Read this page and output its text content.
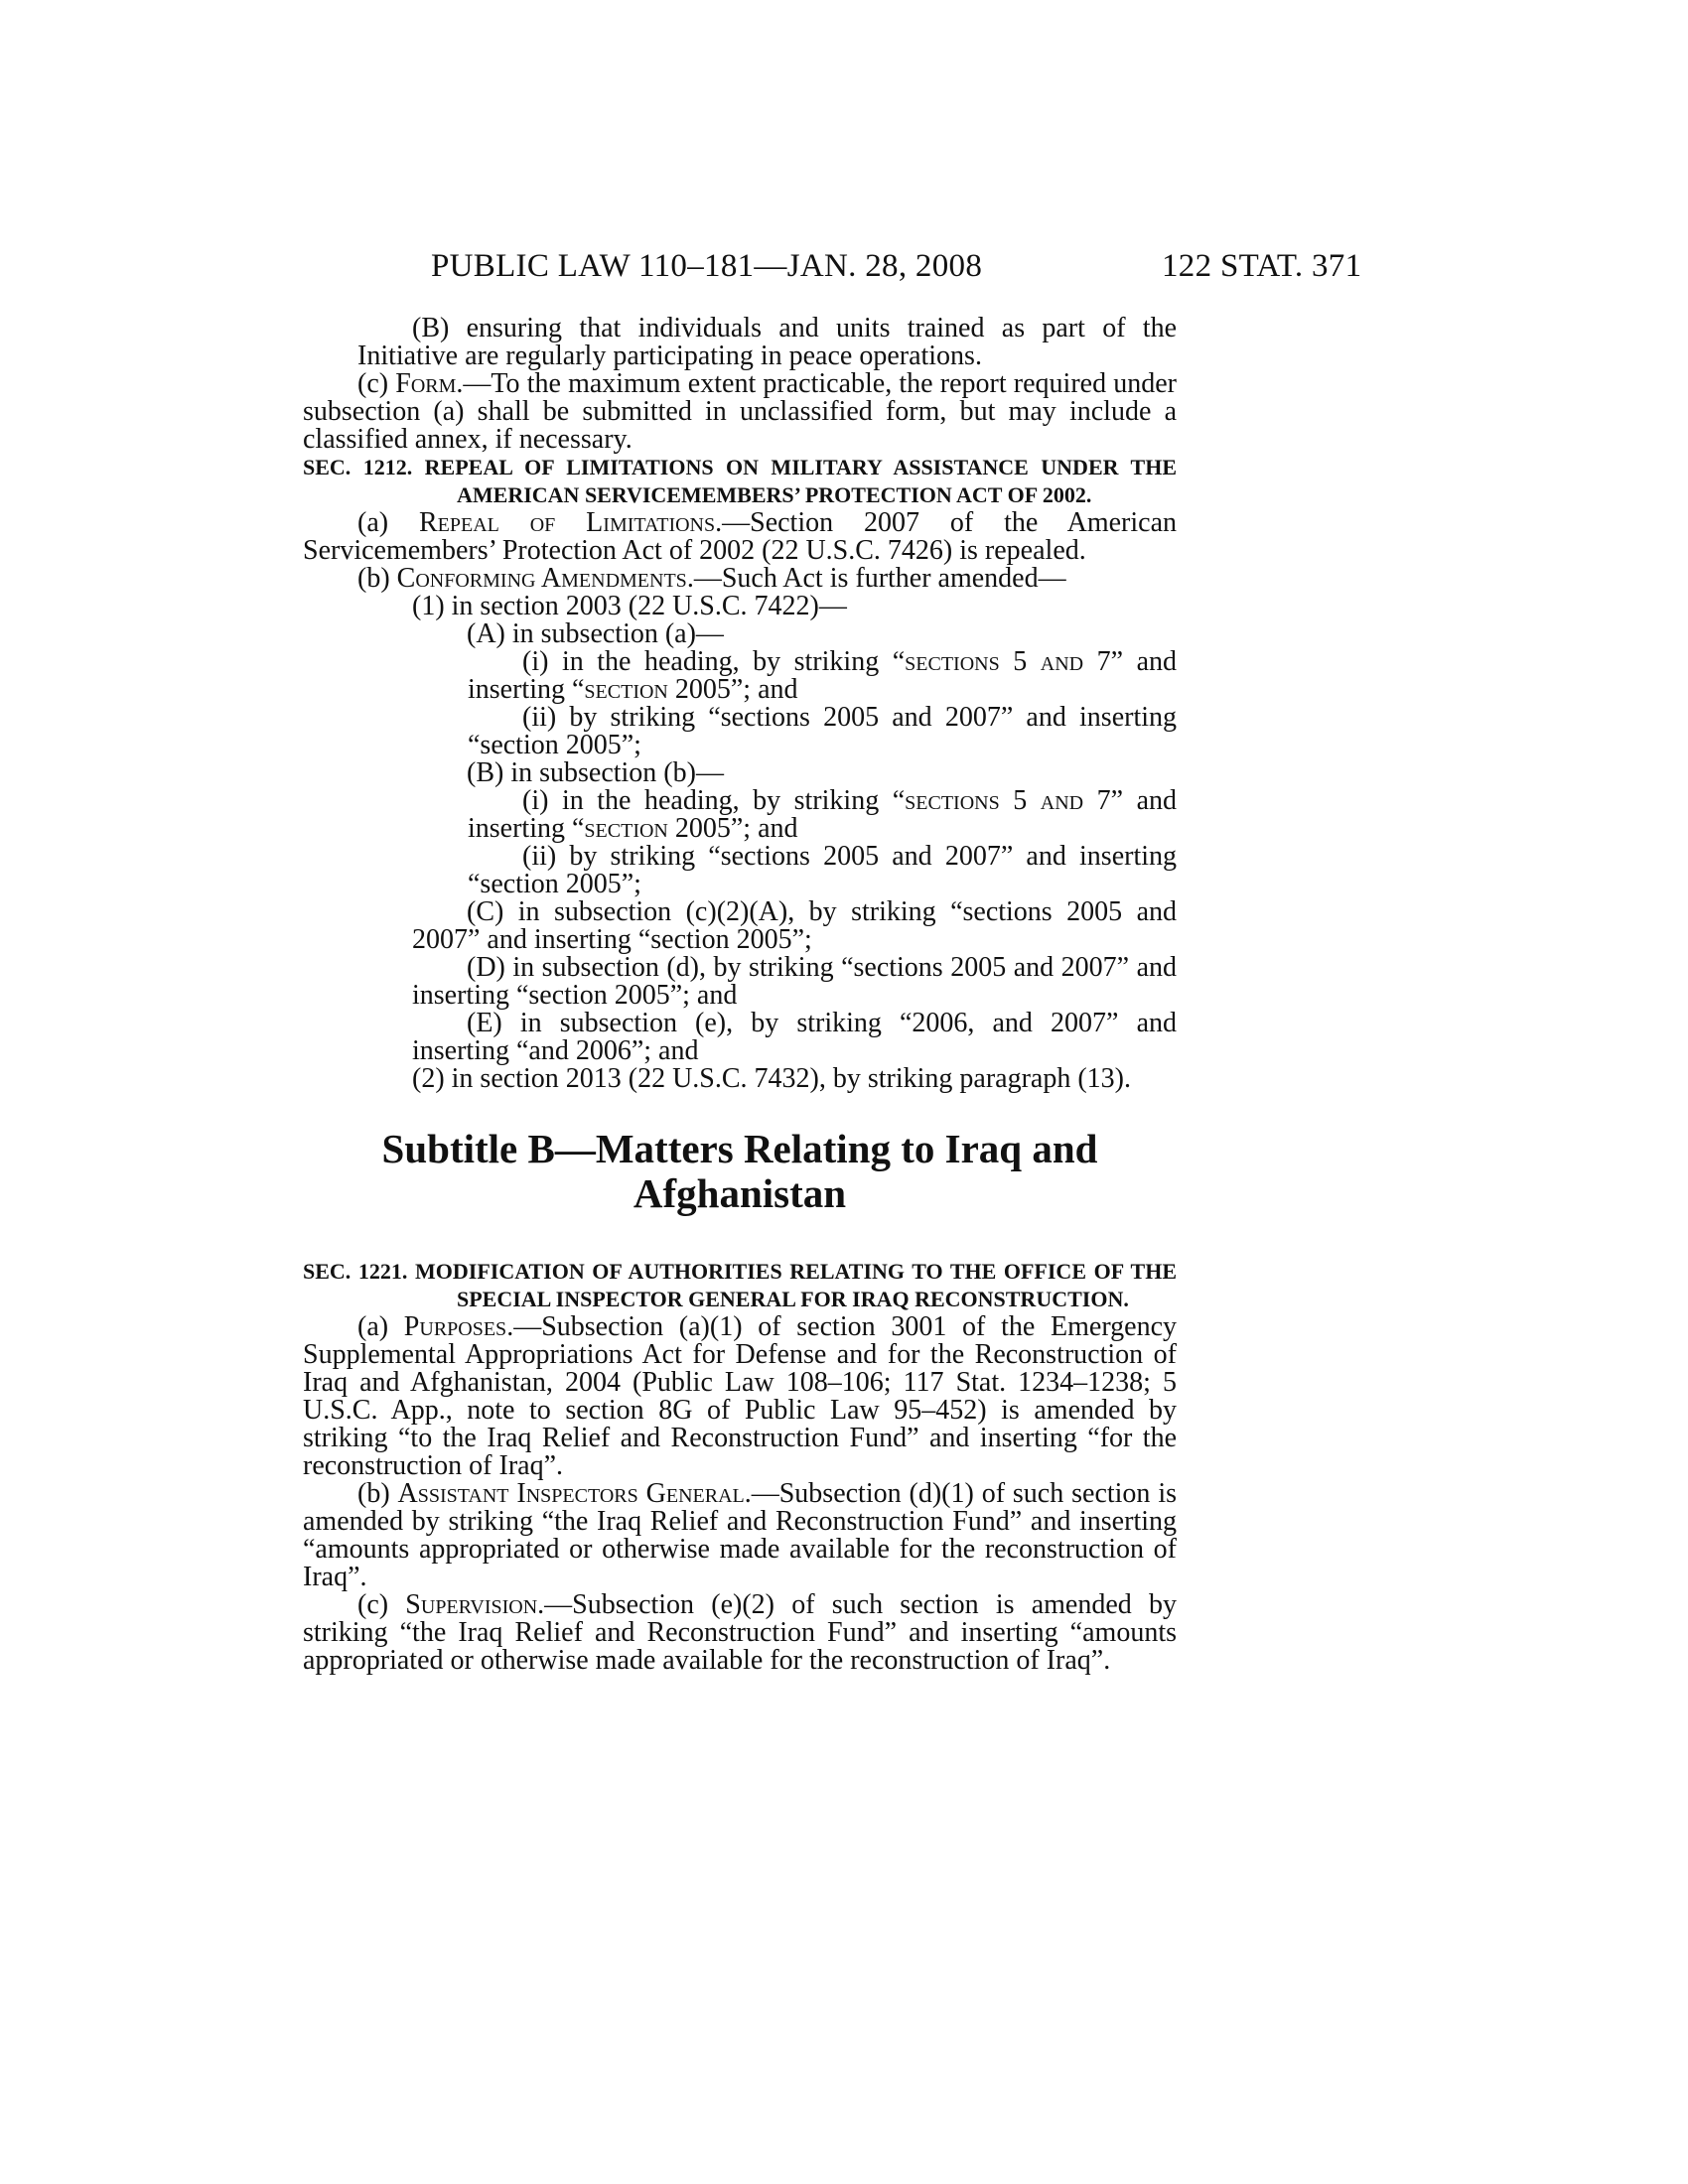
PUBLIC LAW 110–181—JAN. 28, 2008	122 STAT. 371

(B) ensuring that individuals and units trained as part of the Initiative are regularly participating in peace operations.

(c) Form.—To the maximum extent practicable, the report required under subsection (a) shall be submitted in unclassified form, but may include a classified annex, if necessary.

SEC. 1212. REPEAL OF LIMITATIONS ON MILITARY ASSISTANCE UNDER THE AMERICAN SERVICEMEMBERS’ PROTECTION ACT OF 2002.

(a) Repeal of Limitations.—Section 2007 of the American Servicemembers’ Protection Act of 2002 (22 U.S.C. 7426) is repealed.

(b) Conforming Amendments.—Such Act is further amended—

(1) in section 2003 (22 U.S.C. 7422)—

(A) in subsection (a)—

(i) in the heading, by striking “sections 5 and 7” and inserting “section 2005”; and

(ii) by striking “sections 2005 and 2007” and inserting “section 2005”;

(B) in subsection (b)—

(i) in the heading, by striking “sections 5 and 7” and inserting “section 2005”; and

(ii) by striking “sections 2005 and 2007” and inserting “section 2005”;

(C) in subsection (c)(2)(A), by striking “sections 2005 and 2007” and inserting “section 2005”;

(D) in subsection (d), by striking “sections 2005 and 2007” and inserting “section 2005”; and

(E) in subsection (e), by striking “2006, and 2007” and inserting “and 2006”; and

(2) in section 2013 (22 U.S.C. 7432), by striking paragraph (13).

Subtitle B—Matters Relating to Iraq and Afghanistan

SEC. 1221. MODIFICATION OF AUTHORITIES RELATING TO THE OFFICE OF THE SPECIAL INSPECTOR GENERAL FOR IRAQ RECONSTRUCTION.

(a) Purposes.—Subsection (a)(1) of section 3001 of the Emergency Supplemental Appropriations Act for Defense and for the Reconstruction of Iraq and Afghanistan, 2004 (Public Law 108–106; 117 Stat. 1234–1238; 5 U.S.C. App., note to section 8G of Public Law 95–452) is amended by striking “to the Iraq Relief and Reconstruction Fund” and inserting “for the reconstruction of Iraq”.

(b) Assistant Inspectors General.—Subsection (d)(1) of such section is amended by striking “the Iraq Relief and Reconstruction Fund” and inserting “amounts appropriated or otherwise made available for the reconstruction of Iraq”.

(c) Supervision.—Subsection (e)(2) of such section is amended by striking “the Iraq Relief and Reconstruction Fund” and inserting “amounts appropriated or otherwise made available for the reconstruction of Iraq”.
